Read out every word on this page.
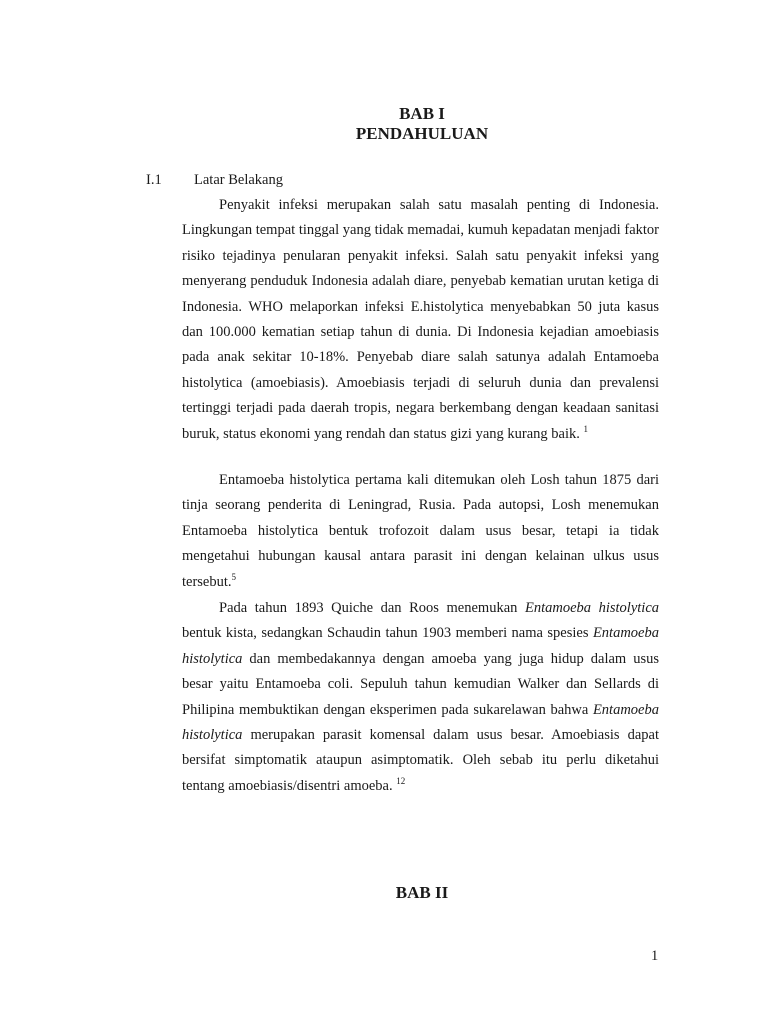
BAB I
PENDAHULUAN
I.1 Latar Belakang

Penyakit infeksi merupakan salah satu masalah penting di Indonesia. Lingkungan tempat tinggal yang tidak memadai, kumuh kepadatan menjadi faktor risiko tejadinya penularan penyakit infeksi. Salah satu penyakit infeksi yang menyerang penduduk Indonesia adalah diare, penyebab kematian urutan ketiga di Indonesia. WHO melaporkan infeksi E.histolytica menyebabkan 50 juta kasus dan 100.000 kematian setiap tahun di dunia. Di Indonesia kejadian amoebiasis pada anak sekitar 10-18%. Penyebab diare salah satunya adalah Entamoeba histolytica (amoebiasis). Amoebiasis terjadi di seluruh dunia dan prevalensi tertinggi terjadi pada daerah tropis, negara berkembang dengan keadaan sanitasi buruk, status ekonomi yang rendah dan status gizi yang kurang baik. $^1$

Entamoeba histolytica pertama kali ditemukan oleh Losh tahun 1875 dari tinja seorang penderita di Leningrad, Rusia. Pada autopsi, Losh menemukan Entamoeba histolytica bentuk trofozoit dalam usus besar, tetapi ia tidak mengetahui hubungan kausal antara parasit ini dengan kelainan ulkus usus tersebut.$^5$

Pada tahun 1893 Quiche dan Roos menemukan Entamoeba histolytica bentuk kista, sedangkan Schaudin tahun 1903 memberi nama spesies Entamoeba histolytica dan membedakannya dengan amoeba yang juga hidup dalam usus besar yaitu Entamoeba coli. Sepuluh tahun kemudian Walker dan Sellards di Philipina membuktikan dengan eksperimen pada sukarelawan bahwa Entamoeba histolytica merupakan parasit komensal dalam usus besar. Amoebiasis dapat bersifat simptomatik ataupun asimptomatik. Oleh sebab itu perlu diketahui tentang amoebiasis/disentri amoeba. $^{12}$

BAB II
1
